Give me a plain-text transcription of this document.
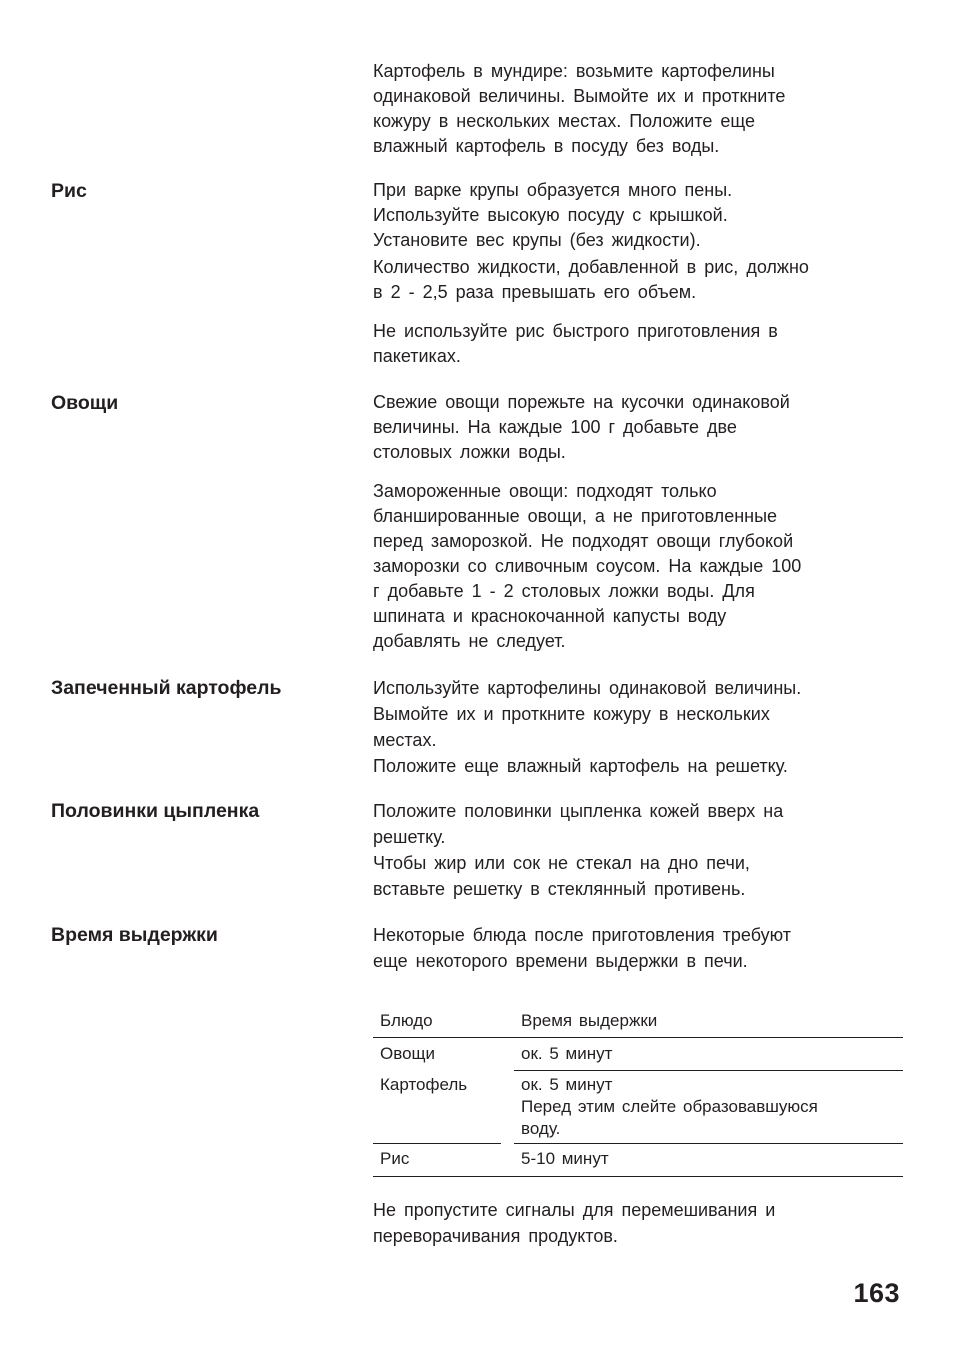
Картофель в мундире: возьмите картофелины
одинаковой величины. Вымойте их и проткните
кожуру в нескольких местах. Положите еще
влажный картофель в посуду без воды.
Рис	При варке крупы образуется много пены.
Используйте высокую посуду с крышкой.
Установите вес крупы (без жидкости).
Количество жидкости, добавленной в рис, должно
в 2 - 2,5 раза превышать его объем.
Не используйте рис быстрого приготовления в
пакетиках.
Овощи	Свежие овощи порежьте на кусочки одинаковой
величины. На каждые 100 г добавьте две
столовых ложки воды.
Замороженные овощи: подходят только
бланшированные овощи, а не приготовленные
перед заморозкой. Не подходят овощи глубокой
заморозки со сливочным соусом. На каждые 100
г добавьте 1 - 2 столовых ложки воды. Для
шпината и краснокочанной капусты воду
добавлять не следует.
Запеченный картофель	Используйте картофелины одинаковой величины.
Вымойте их и проткните кожуру в нескольких
местах.
Положите еще влажный картофель на решетку.
Половинки цыпленка	Положите половинки цыпленка кожей вверх на
решетку.
Чтобы жир или сок не стекал на дно печи,
вставьте решетку в стеклянный противень.
Время выдержки	Некоторые блюда после приготовления требуют
еще некоторого времени выдержки в печи.
Блюдо	Время выдержки
Овощи	ок. 5 минут
Картофель	ок. 5 минут
Перед этим слейте образовавшуюся
воду.
Рис	5-10 минут
Не пропустите сигналы для перемешивания и
переворачивания продуктов.
163
